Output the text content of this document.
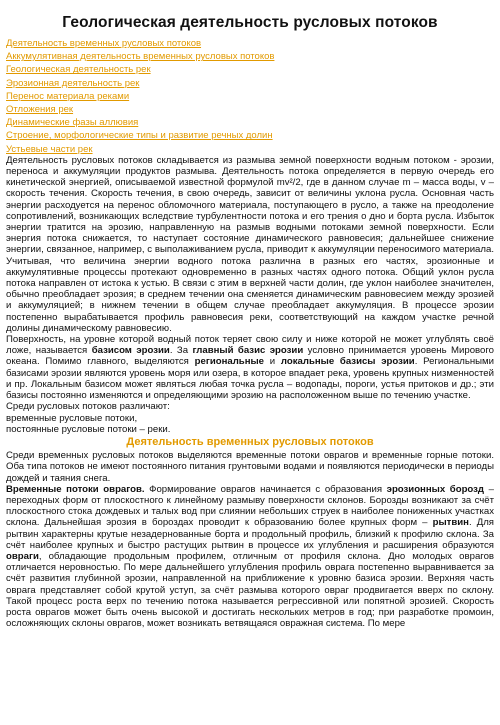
Геологическая деятельность русловых потоков
Деятельность временных русловых потоков
Аккумулятивная деятельность временных русловых потоков
Геологическая деятельность рек
Эрозионная деятельность рек
Перенос материала реками
Отложения рек
Динамические фазы аллювия
Строение, морфологические типы и развитие речных долин
Устьевые части рек

Деятельность русловых потоков складывается из размыва земной поверхности водным потоком - эрозии, переноса и аккумуляции продуктов размыва. Деятельность потока определяется в первую очередь его кинетической энергией, описываемой известной формулой mv²/2, где в данном случае m – масса воды, v – скорость течения. Скорость течения, в свою очередь, зависит от величины уклона русла. Основная часть энергии расходуется на перенос обломочного материала, поступающего в русло, а также на преодоление сопротивлений, возникающих вследствие турбулентности потока и его трения о дно и борта русла. Избыток энергии тратится на эрозию, направленную на размыв водными потоками земной поверхности. Если энергия потока снижается, то наступает состояние динамического равновесия; дальнейшее снижение энергии, связанное, например, с выполаживанием русла, приводит к аккумуляции переносимого материала. Учитывая, что величина энергии водного потока различна в разных его частях, эрозионные и аккумулятивные процессы протекают одновременно в разных частях одного потока. Общий уклон русла потока направлен от истока к устью. В связи с этим в верхней части долин, где уклон наиболее значителен, обычно преобладает эрозия; в среднем течении она сменяется динамическим равновесием между эрозией и аккумуляцией; в нижнем течении в общем случае преобладает аккумуляция. В процессе эрозии постепенно вырабатывается профиль равновесия реки, соответствующий на каждом участке речной долины динамическому равновесию.

Поверхность, на уровне которой водный поток теряет свою силу и ниже которой не может углублять своё ложе, называется базисом эрозии. За главный базис эрозии условно принимается уровень Мирового океана. Помимо главного, выделяются региональные и локальные базисы эрозии. Региональными базисами эрозии являются уровень моря или озера, в которое впадает река, уровень крупных низменностей и пр. Локальным базисом может являться любая точка русла – водопады, пороги, устья притоков и др.; эти базисы постоянно изменяются и определяющими эрозию на расположенном выше по течению участке.

Среди русловых потоков различают:

временные русловые потоки,

постоянные русловые потоки – реки.

Деятельность временных русловых потоков

Среди временных русловых потоков выделяются временные потоки оврагов и временные горные потоки. Оба типа потоков не имеют постоянного питания грунтовыми водами и появляются периодически в периоды дождей и таяния снега.

Временные потоки оврагов. Формирование оврагов начинается с образования эрозионных борозд – переходных форм от плоскостного к линейному размыву поверхности склонов. Борозды возникают за счёт плоскостного стока дождевых и талых вод при слиянии небольших струек в наиболее пониженных участках склона. Дальнейшая эрозия в бороздах проводит к образованию более крупных форм – рытвин. Для рытвин характерны крутые незадернованные борта и продольный профиль, близкий к профилю склона. За счёт наиболее крупных и быстро растущих рытвин в процессе их углубления и расширения образуются овраги, обладающие продольным профилем, отличным от профиля склона. Дно молодых оврагов отличается неровностью. По мере дальнейшего углубления профиль оврага постепенно выравнивается за счёт развития глубинной эрозии, направленной на приближение к уровню базиса эрозии. Верхняя часть оврага представляет собой крутой уступ, за счёт размыва которого овраг продвигается вверх по склону. Такой процесс роста верх по течению потока называется регрессивной или попятной эрозией. Скорость роста оврагов может быть очень высокой и достигать нескольких метров в год; при разработке промоин, осложняющих склоны оврагов, может возникать ветвящаяся овражная система. По мере
